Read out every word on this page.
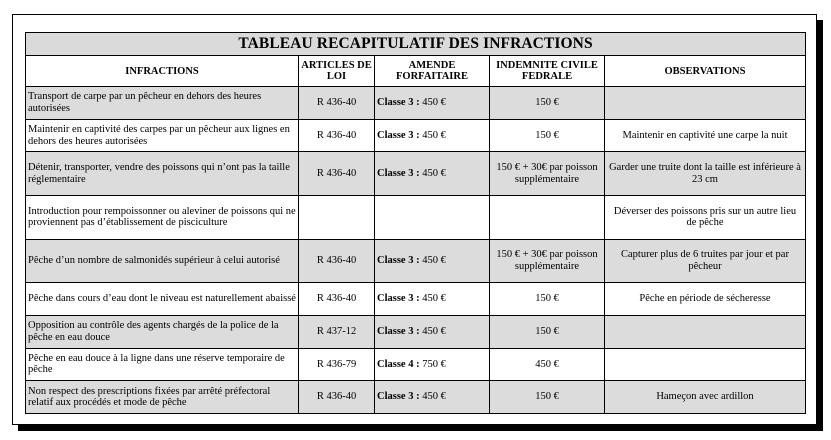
TABLEAU RECAPITULATIF DES INFRACTIONS				
INFRACTIONS	ARTICLES DE LOI	AMENDE FORFAITAIRE	INDEMNITE CIVILE FEDRALE	OBSERVATIONS
Transport de carpe par un pêcheur en dehors des heures autorisées	R 436-40	Classe 3 : 450 €	150 €	
Maintenir en captivité des carpes par un pêcheur aux lignes en dehors des heures autorisées	R 436-40	Classe 3 : 450 €	150 €	Maintenir en captivité une carpe la nuit
Détenir, transporter, vendre des poissons qui n’ont pas la taille réglementaire	R 436-40	Classe 3 : 450 €	150 € + 30€ par poisson supplémentaire	Garder une truite dont la taille est inférieure à 23 cm
Introduction pour rempoissonner ou aleviner de poissons qui ne proviennent pas d’établissement de pisciculture				Déverser des poissons pris sur un autre lieu de pêche
Pêche d’un nombre de salmonidés supérieur à celui autorisé	R 436-40	Classe 3 : 450 €	150 € + 30€ par poisson supplémentaire	Capturer plus de 6 truites par jour et par pêcheur
Pêche dans cours d’eau dont le niveau est naturellement abaissé	R 436-40	Classe 3 : 450 €	150 €	Pêche en période de sécheresse
Opposition au contrôle des agents chargés de la police de la pêche en eau douce	R 437-12	Classe 3 : 450 €	150 €	
Pêche en eau douce à la ligne dans une réserve temporaire de pêche	R 436-79	Classe 4 : 750 €	450 €	
Non respect des prescriptions fixées par arrêté préfectoral relatif aux procédés et mode de pêche	R 436-40	Classe 3 : 450 €	150 €	Hameçon avec ardillon
